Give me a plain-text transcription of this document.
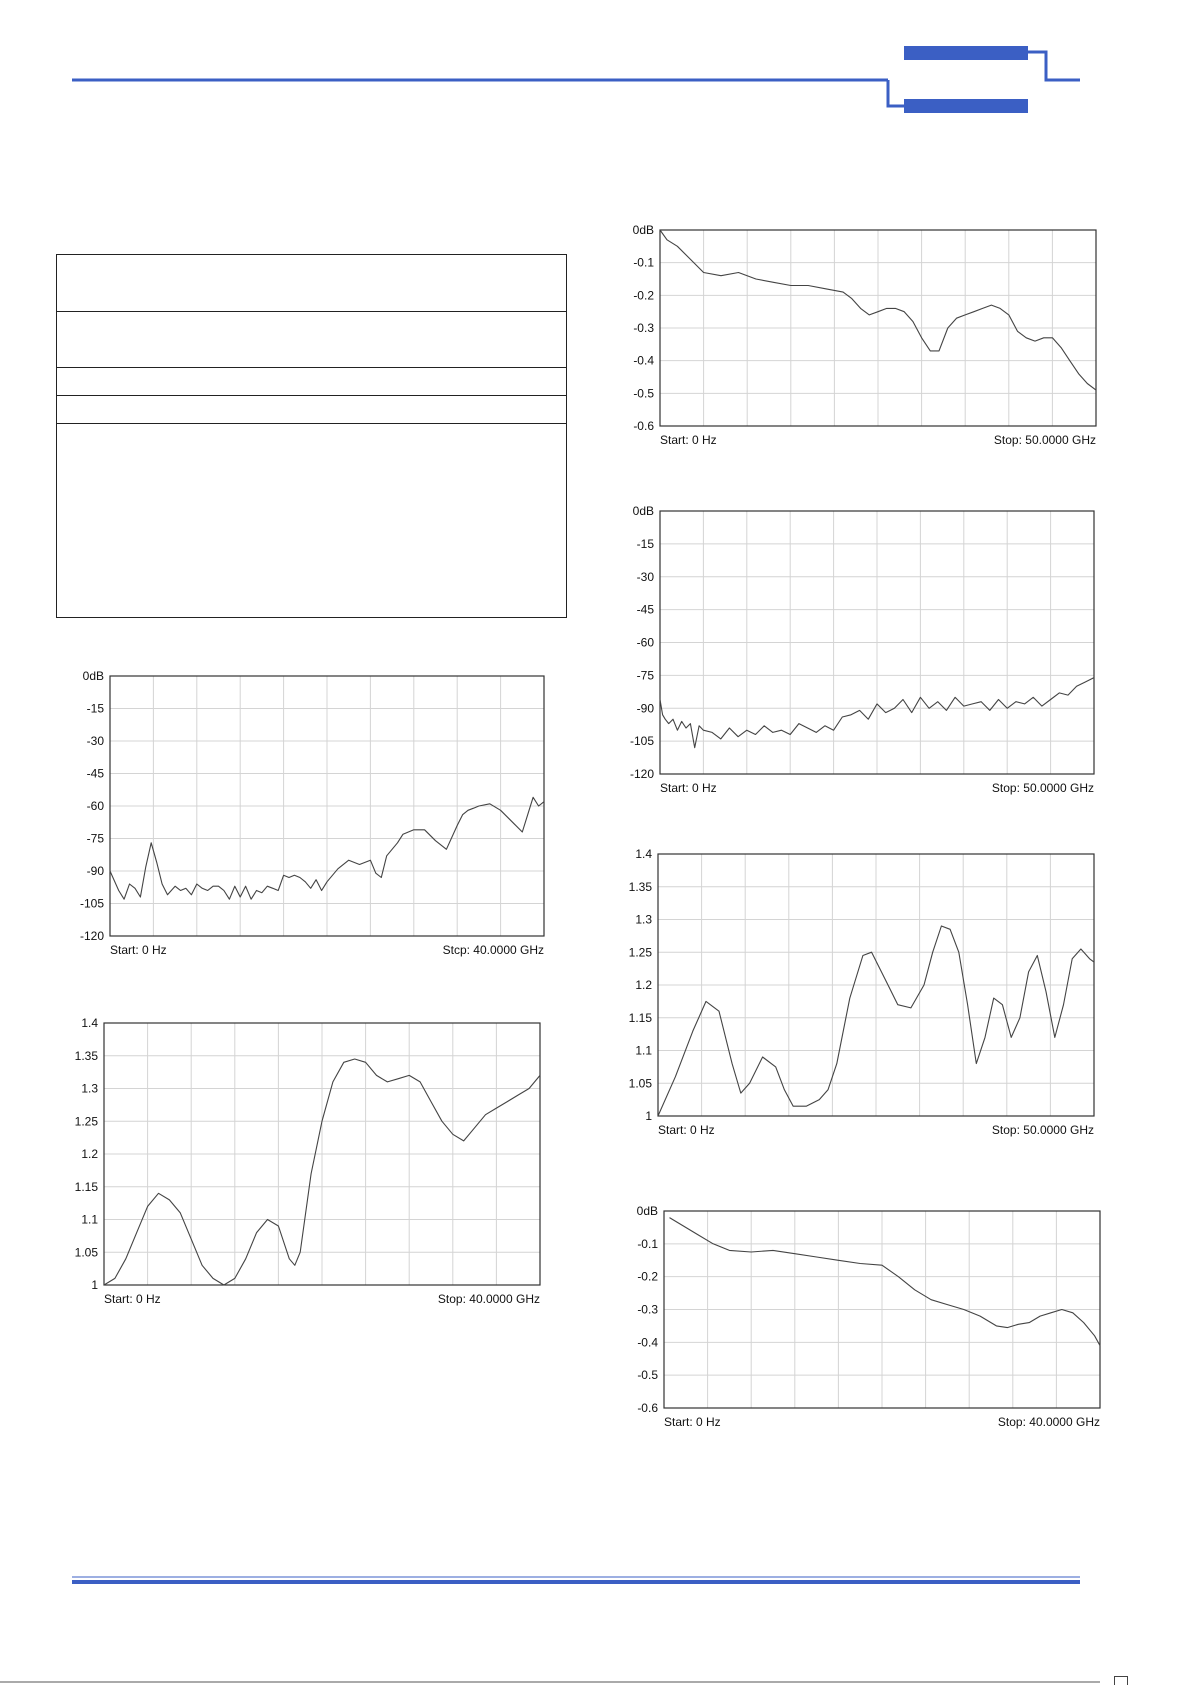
0dB
-0.1
-0.2
-0.3
-0.4
-0.5
-0.6
Start: 0 Hz	Stop: 50.0000 GHz
0dB
-15
-30
-45
-60
-75
-90
-105
-120
Start: 0 Hz	Stop: 50.0000 GHz
1.4
1.35
1.3
1.25
1.2
1.15
1.1
1.05
1
Start: 0 Hz	Stop: 50.0000 GHz
0dB
-0.1
-0.2
-0.3
-0.4
-0.5
-0.6
Start: 0 Hz	Stop: 40.0000 GHz
0dB
-15
-30
-45
-60
-75
-90
-105
-120
Start: 0 Hz	Stcp: 40.0000 GHz
1.4
1.35
1.3
1.25
1.2
1.15
1.1
1.05
1
Start: 0 Hz	Stop: 40.0000 GHz
